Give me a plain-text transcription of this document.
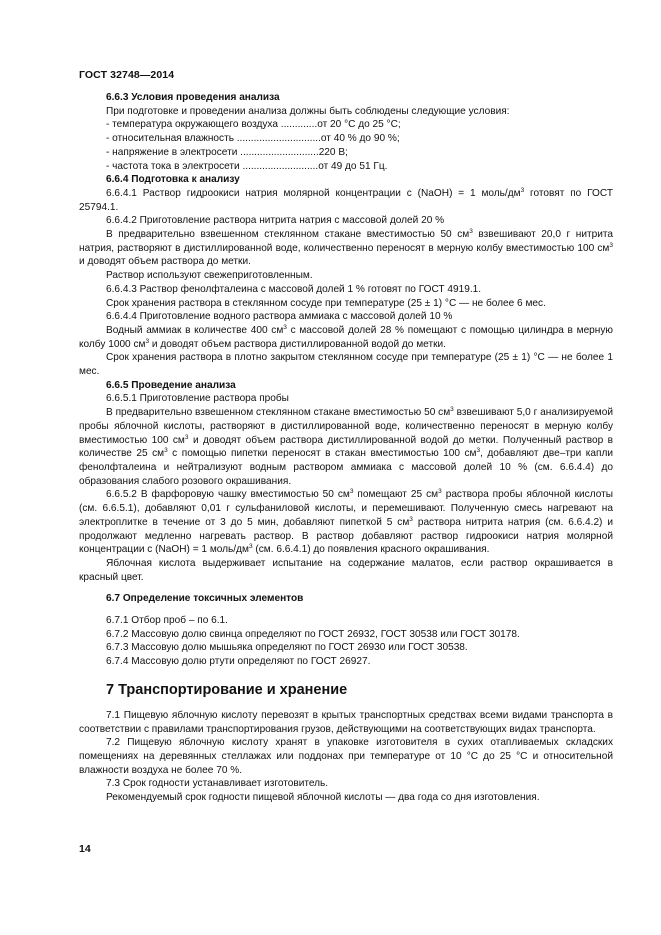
ГОСТ 32748—2014

6.6.3 Условия проведения анализа

При подготовке и проведении анализа должны быть соблюдены следующие условия:

- температура окружающего воздуха ............. от 20 °C до 25 °C;
- относительная влажность .............................. от 40 % до 90 %;
- напряжение в электросети ............................ 220 В;
- частота тока в электросети ........................... от 49 до 51 Гц.

6.6.4 Подготовка к анализу

6.6.4.1 Раствор гидроокиси натрия молярной концентрации c (NaOH) = 1 моль/$дм^3$ готовят по ГОСТ 25794.1.

6.6.4.2 Приготовление раствора нитрита натрия с массовой долей 20 %

В предварительно взвешенном стеклянном стакане вместимостью 50 $см^3$ взвешивают 20,0 г нитрита натрия, растворяют в дистиллированной воде, количественно переносят в мерную колбу вместимостью 100 $см^3$ и доводят объем раствора до метки.

Раствор используют свежеприготовленным.

6.6.4.3 Раствор фенолфталеина с массовой долей 1 % готовят по ГОСТ 4919.1.

Срок хранения раствора в стеклянном сосуде при температуре (25 ± 1) °C — не более 6 мес.

6.6.4.4 Приготовление водного раствора аммиака с массовой долей 10 %

Водный аммиак в количестве 400 $см^3$ с массовой долей 28 % помещают с помощью цилиндра в мерную колбу 1000 $см^3$ и доводят объем раствора дистиллированной водой до метки.

Срок хранения раствора в плотно закрытом стеклянном сосуде при температуре (25 ± 1) °C — не более 1 мес.

6.6.5 Проведение анализа

6.6.5.1 Приготовление раствора пробы

В предварительно взвешенном стеклянном стакане вместимостью 50 $см^3$ взвешивают 5,0 г анализируемой пробы яблочной кислоты, растворяют в дистиллированной воде, количественно переносят в мерную колбу вместимостью 100 $см^3$ и доводят объем раствора дистиллированной водой до метки. Полученный раствор в количестве 25 $см^3$ с помощью пипетки переносят в стакан вместимостью 100 $см^3$, добавляют две–три капли фенолфталеина и нейтрализуют водным раствором аммиака с массовой долей 10 % (см. 6.6.4.4) до образования слабого розового окрашивания.

6.6.5.2 В фарфоровую чашку вместимостью 50 $см^3$ помещают 25 $см^3$ раствора пробы яблочной кислоты (см. 6.6.5.1), добавляют 0,01 г сульфаниловой кислоты, и перемешивают. Полученную смесь нагревают на электроплитке в течение от 3 до 5 мин, добавляют пипеткой 5 $см^3$ раствора нитрита натрия (см. 6.6.4.2) и продолжают медленно нагревать раствор. В раствор добавляют раствор гидроокиси натрия молярной концентрации c (NaOH) = 1 моль/$дм^3$ (см. 6.6.4.1) до появления красного окрашивания.

Яблочная кислота выдерживает испытание на содержание малатов, если раствор окрашивается в красный цвет.

6.7 Определение токсичных элементов

6.7.1 Отбор проб – по 6.1.

6.7.2 Массовую долю свинца определяют по ГОСТ 26932, ГОСТ 30538 или ГОСТ 30178.

6.7.3 Массовую долю мышьяка определяют по ГОСТ 26930 или ГОСТ 30538.

6.7.4 Массовую долю ртути определяют по ГОСТ 26927.

7 Транспортирование и хранение

7.1 Пищевую яблочную кислоту перевозят в крытых транспортных средствах всеми видами транспорта в соответствии с правилами транспортирования грузов, действующими на соответствующих видах транспорта.

7.2 Пищевую яблочную кислоту хранят в упаковке изготовителя в сухих отапливаемых складских помещениях на деревянных стеллажах или поддонах при температуре от 10 °C до 25 °C и относительной влажности воздуха не более 70 %.

7.3 Срок годности устанавливает изготовитель.

Рекомендуемый срок годности пищевой яблочной кислоты — два года со дня изготовления.

14
